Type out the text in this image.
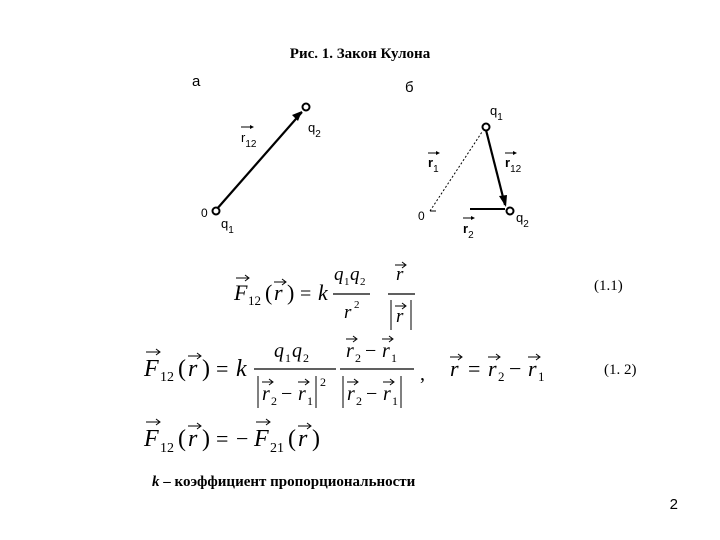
Рис. 1. Закон Кулона
а
0
$q_1$
$q_2$
$r_{12}$
б
0
$q_1$
$q_2$
$r_1$	$r_{12}$
$r_2$
F 12 ( r ) = k
q 1 q 2
r 2
r
r
(1.1)
F 12 ( r ) = k
q 1 q 2
r 2 − r 1
2
r 2 − r 1
r 2 − r 1
, r = r 2 − r 1	(1. 2)
F 12 ( r ) = − F 21 ( r )
k – коэффициент пропорциональности
2
